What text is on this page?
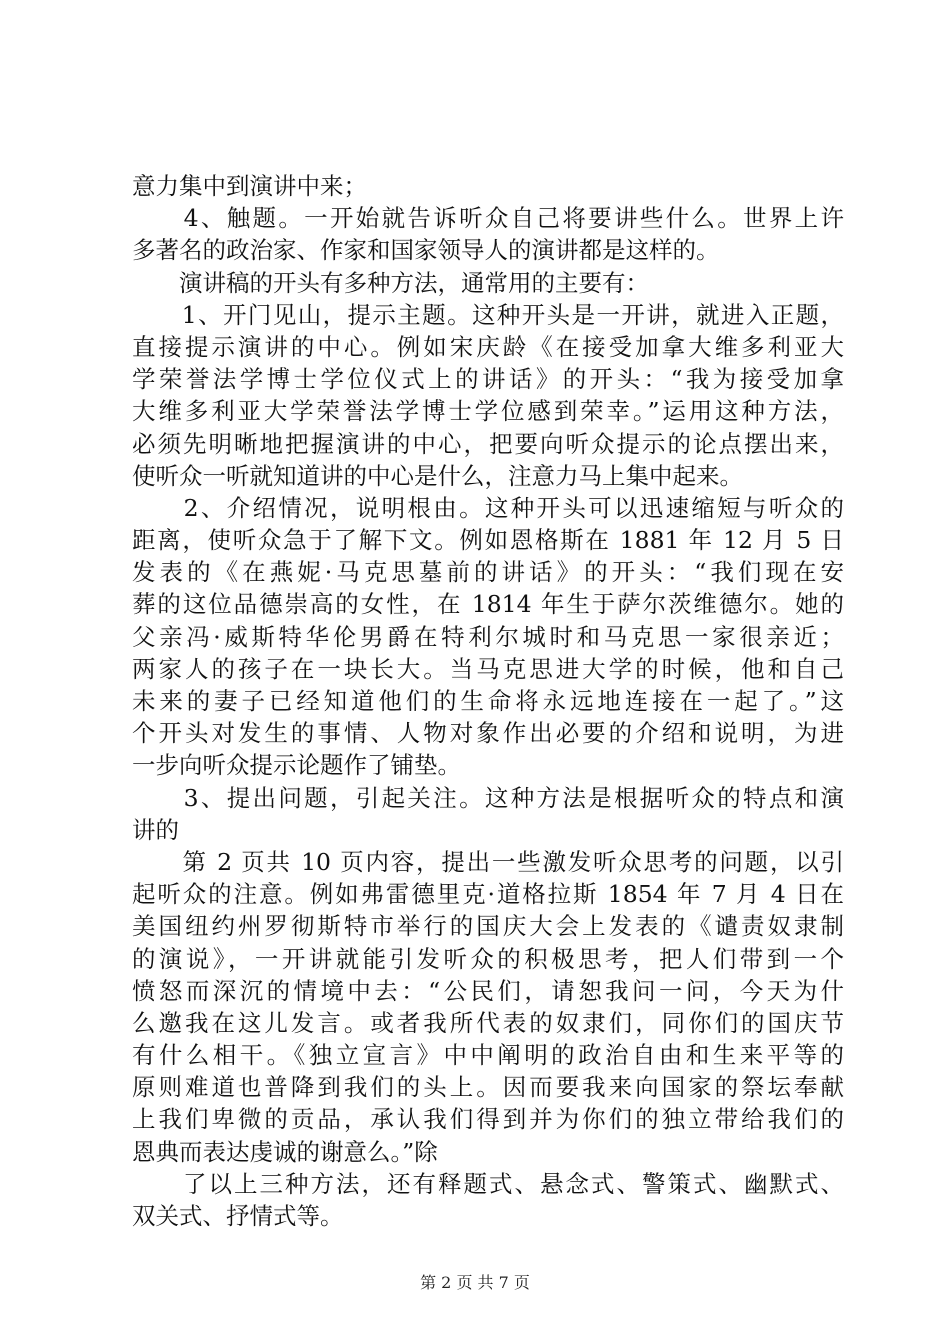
意力集中到演讲中来；
　　4、触题。一开始就告诉听众自己将要讲些什么。世界上许
多著名的政治家、作家和国家领导人的演讲都是这样的。
　　演讲稿的开头有多种方法，通常用的主要有：
　　1、开门见山，提示主题。这种开头是一开讲，就进入正题，
直接提示演讲的中心。例如宋庆龄《在接受加拿大维多利亚大
学荣誉法学博士学位仪式上的讲话》的开头：“我为接受加拿
大维多利亚大学荣誉法学博士学位感到荣幸。”运用这种方法，
必须先明晰地把握演讲的中心，把要向听众提示的论点摆出来，
使听众一听就知道讲的中心是什么，注意力马上集中起来。
　　2、介绍情况，说明根由。这种开头可以迅速缩短与听众的
距离，使听众急于了解下文。例如恩格斯在 1881 年 12 月 5 日
发表的《在燕妮·马克思墓前的讲话》的开头：“我们现在安
葬的这位品德崇高的女性，在 1814 年生于萨尔茨维德尔。她的
父亲冯·威斯特华伦男爵在特利尔城时和马克思一家很亲近；
两家人的孩子在一块长大。当马克思进大学的时候，他和自己
未来的妻子已经知道他们的生命将永远地连接在一起了。”这
个开头对发生的事情、人物对象作出必要的介绍和说明，为进
一步向听众提示论题作了铺垫。
　　3、提出问题，引起关注。这种方法是根据听众的特点和演
讲的
　　第 2 页共 10 页内容，提出一些激发听众思考的问题，以引
起听众的注意。例如弗雷德里克·道格拉斯 1854 年 7 月 4 日在
美国纽约州罗彻斯特市举行的国庆大会上发表的《谴责奴隶制
的演说》，一开讲就能引发听众的积极思考，把人们带到一个
愤怒而深沉的情境中去：“公民们，请恕我问一问，今天为什
么邀我在这儿发言。或者我所代表的奴隶们，同你们的国庆节
有什么相干。《独立宣言》中中阐明的政治自由和生来平等的
原则难道也普降到我们的头上。因而要我来向国家的祭坛奉献
上我们卑微的贡品，承认我们得到并为你们的独立带给我们的
恩典而表达虔诚的谢意么。”除
　　了以上三种方法，还有释题式、悬念式、警策式、幽默式、
双关式、抒情式等。
第 2 页 共 7 页
